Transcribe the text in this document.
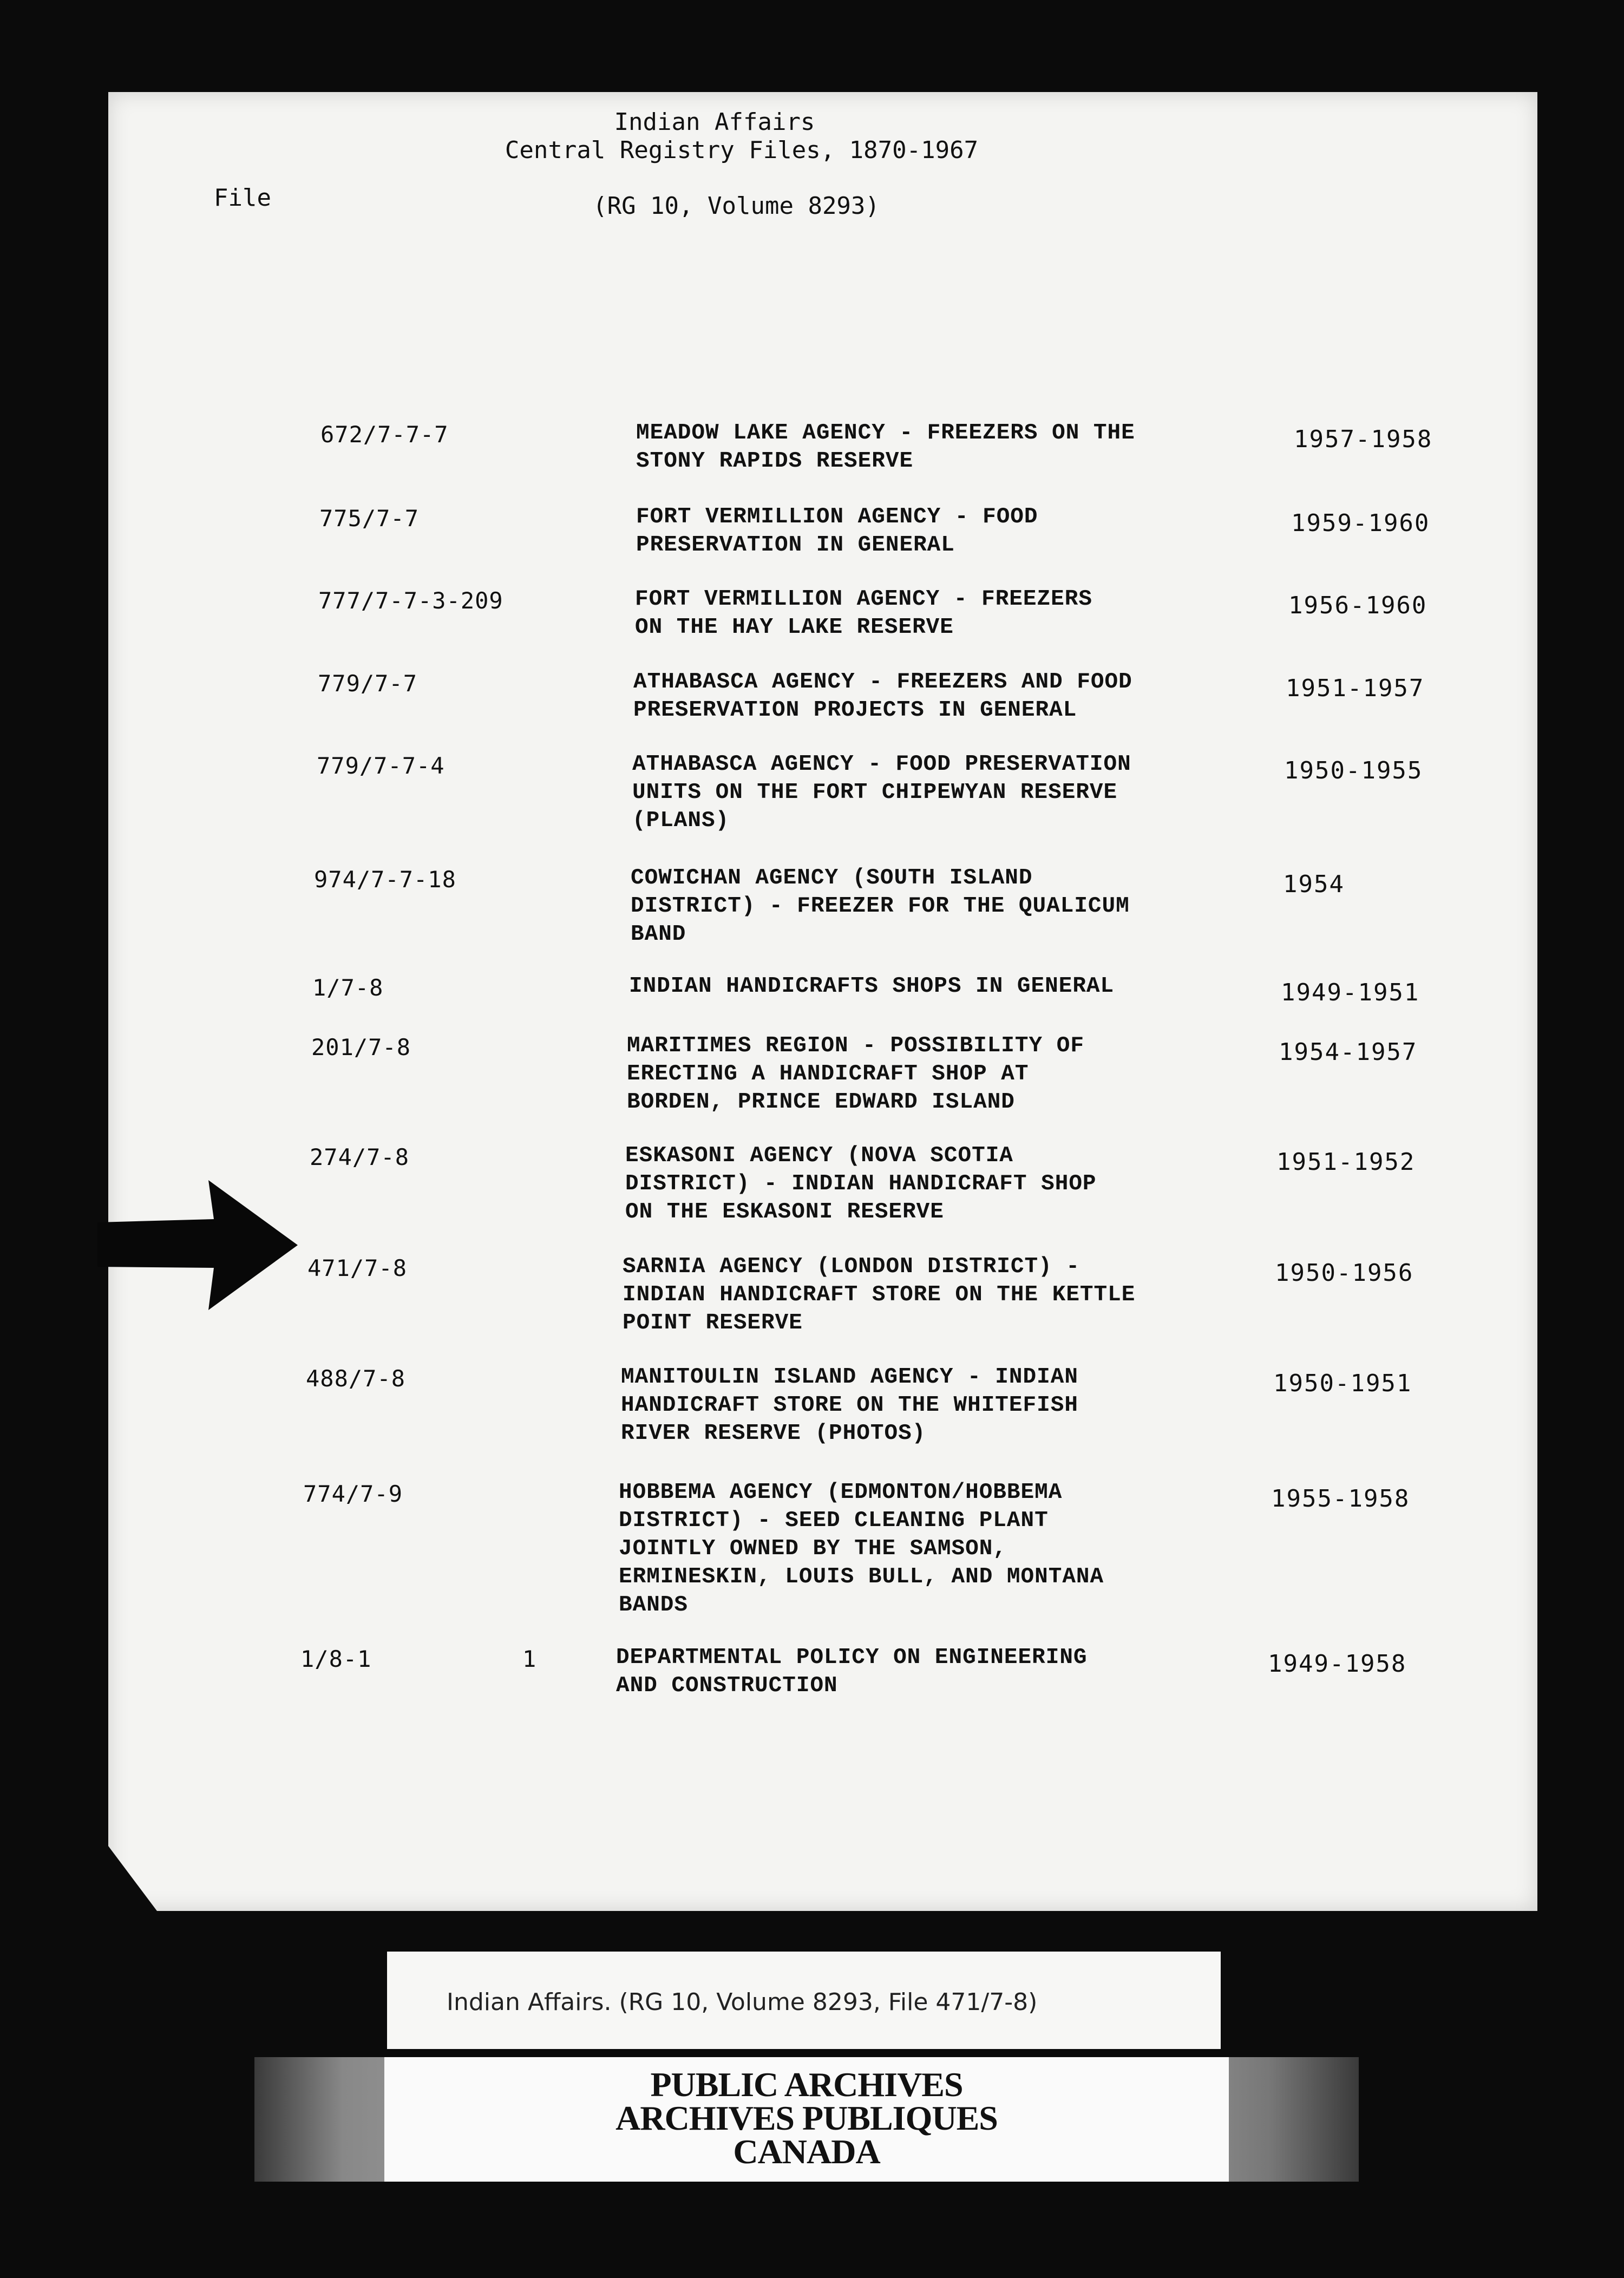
Indian Affairs
Central Registry Files, 1870-1967
(RG 10, Volume 8293)
File
672/7-7-7	MEADOW LAKE AGENCY - FREEZERS ON THE
STONY RAPIDS RESERVE
1957-1958
775/7-7	FORT VERMILLION AGENCY - FOOD
PRESERVATION IN GENERAL
1959-1960
777/7-7-3-209	FORT VERMILLION AGENCY - FREEZERS
ON THE HAY LAKE RESERVE
1956-1960
779/7-7	ATHABASCA AGENCY - FREEZERS AND FOOD
PRESERVATION PROJECTS IN GENERAL
1951-1957
779/7-7-4	ATHABASCA AGENCY - FOOD PRESERVATION
UNITS ON THE FORT CHIPEWYAN RESERVE
(PLANS)
1950-1955
974/7-7-18	COWICHAN AGENCY (SOUTH ISLAND
DISTRICT) - FREEZER FOR THE QUALICUM
BAND
1954
1/7-8	INDIAN HANDICRAFTS SHOPS IN GENERAL	1949-1951
201/7-8	MARITIMES REGION - POSSIBILITY OF
ERECTING A HANDICRAFT SHOP AT
BORDEN, PRINCE EDWARD ISLAND
1954-1957
274/7-8	ESKASONI AGENCY (NOVA SCOTIA
DISTRICT) - INDIAN HANDICRAFT SHOP
ON THE ESKASONI RESERVE
1951-1952
471/7-8	SARNIA AGENCY (LONDON DISTRICT) -
INDIAN HANDICRAFT STORE ON THE KETTLE
POINT RESERVE
1950-1956
488/7-8	MANITOULIN ISLAND AGENCY - INDIAN
HANDICRAFT STORE ON THE WHITEFISH
RIVER RESERVE (PHOTOS)
1950-1951
774/7-9	HOBBEMA AGENCY (EDMONTON/HOBBEMA
DISTRICT) - SEED CLEANING PLANT
JOINTLY OWNED BY THE SAMSON,
ERMINESKIN, LOUIS BULL, AND MONTANA
BANDS
1955-1958
1/8-1	1	DEPARTMENTAL POLICY ON ENGINEERING
AND CONSTRUCTION
1949-1958
Indian Affairs. (RG 10, Volume 8293, File 471/7-8)
PUBLIC ARCHIVES
ARCHIVES PUBLIQUES
CANADA
